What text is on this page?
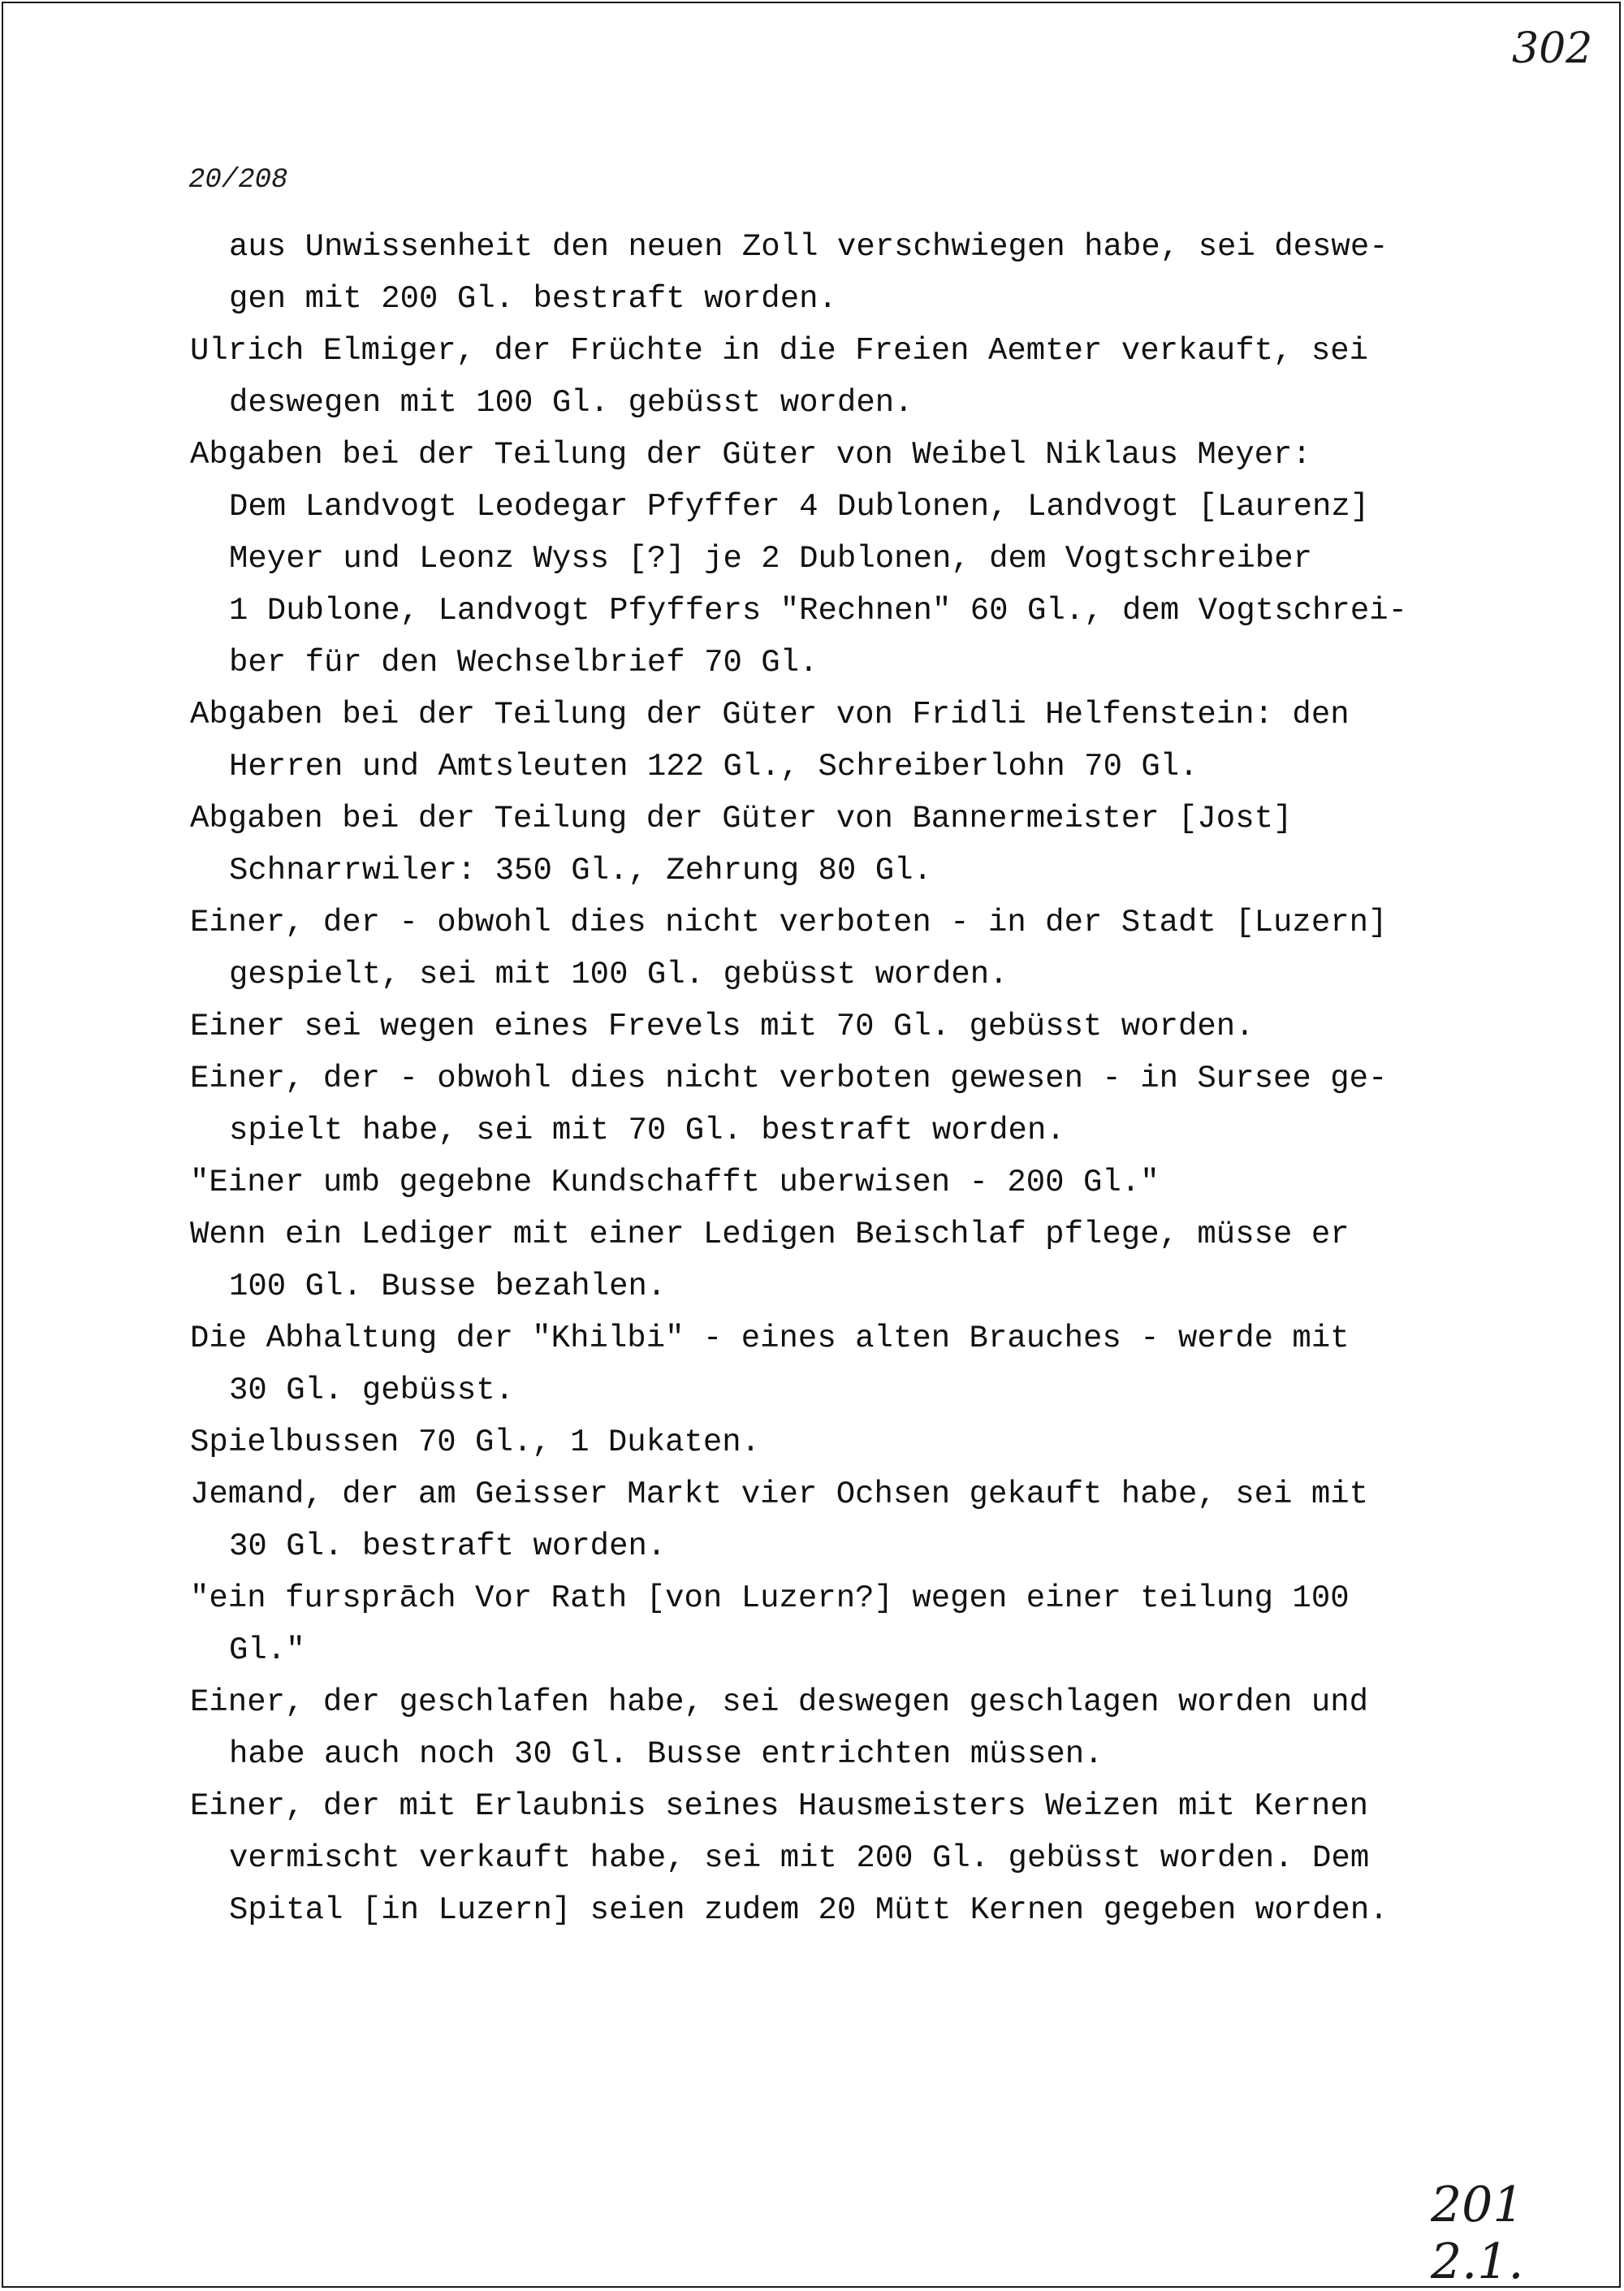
302
20/208
aus Unwissenheit den neuen Zoll verschwiegen habe, sei deswe-
gen mit 200 Gl. bestraft worden.
Ulrich Elmiger, der Früchte in die Freien Aemter verkauft, sei
deswegen mit 100 Gl. gebüsst worden.
Abgaben bei der Teilung der Güter von Weibel Niklaus Meyer:
Dem Landvogt Leodegar Pfyffer 4 Dublonen, Landvogt [Laurenz]
Meyer und Leonz Wyss [?] je 2 Dublonen, dem Vogtschreiber
1 Dublone, Landvogt Pfyffers "Rechnen" 60 Gl., dem Vogtschrei-
ber für den Wechselbrief 70 Gl.
Abgaben bei der Teilung der Güter von Fridli Helfenstein: den
Herren und Amtsleuten 122 Gl., Schreiberlohn 70 Gl.
Abgaben bei der Teilung der Güter von Bannermeister [Jost]
Schnarrwiler: 350 Gl., Zehrung 80 Gl.
Einer, der - obwohl dies nicht verboten - in der Stadt [Luzern]
gespielt, sei mit 100 Gl. gebüsst worden.
Einer sei wegen eines Frevels mit 70 Gl. gebüsst worden.
Einer, der - obwohl dies nicht verboten gewesen - in Sursee ge-
spielt habe, sei mit 70 Gl. bestraft worden.
"Einer umb gegebne Kundschafft uberwisen - 200 Gl."
Wenn ein Lediger mit einer Ledigen Beischlaf pflege, müsse er
100 Gl. Busse bezahlen.
Die Abhaltung der "Khilbi" - eines alten Brauches - werde mit
30 Gl. gebüsst.
Spielbussen 70 Gl., 1 Dukaten.
Jemand, der am Geisser Markt vier Ochsen gekauft habe, sei mit
30 Gl. bestraft worden.
"ein fursprāch Vor Rath [von Luzern?] wegen einer teilung 100
Gl."
Einer, der geschlafen habe, sei deswegen geschlagen worden und
habe auch noch 30 Gl. Busse entrichten müssen.
Einer, der mit Erlaubnis seines Hausmeisters Weizen mit Kernen
vermischt verkauft habe, sei mit 200 Gl. gebüsst worden. Dem
Spital [in Luzern] seien zudem 20 Mütt Kernen gegeben worden.
201 2.1.
